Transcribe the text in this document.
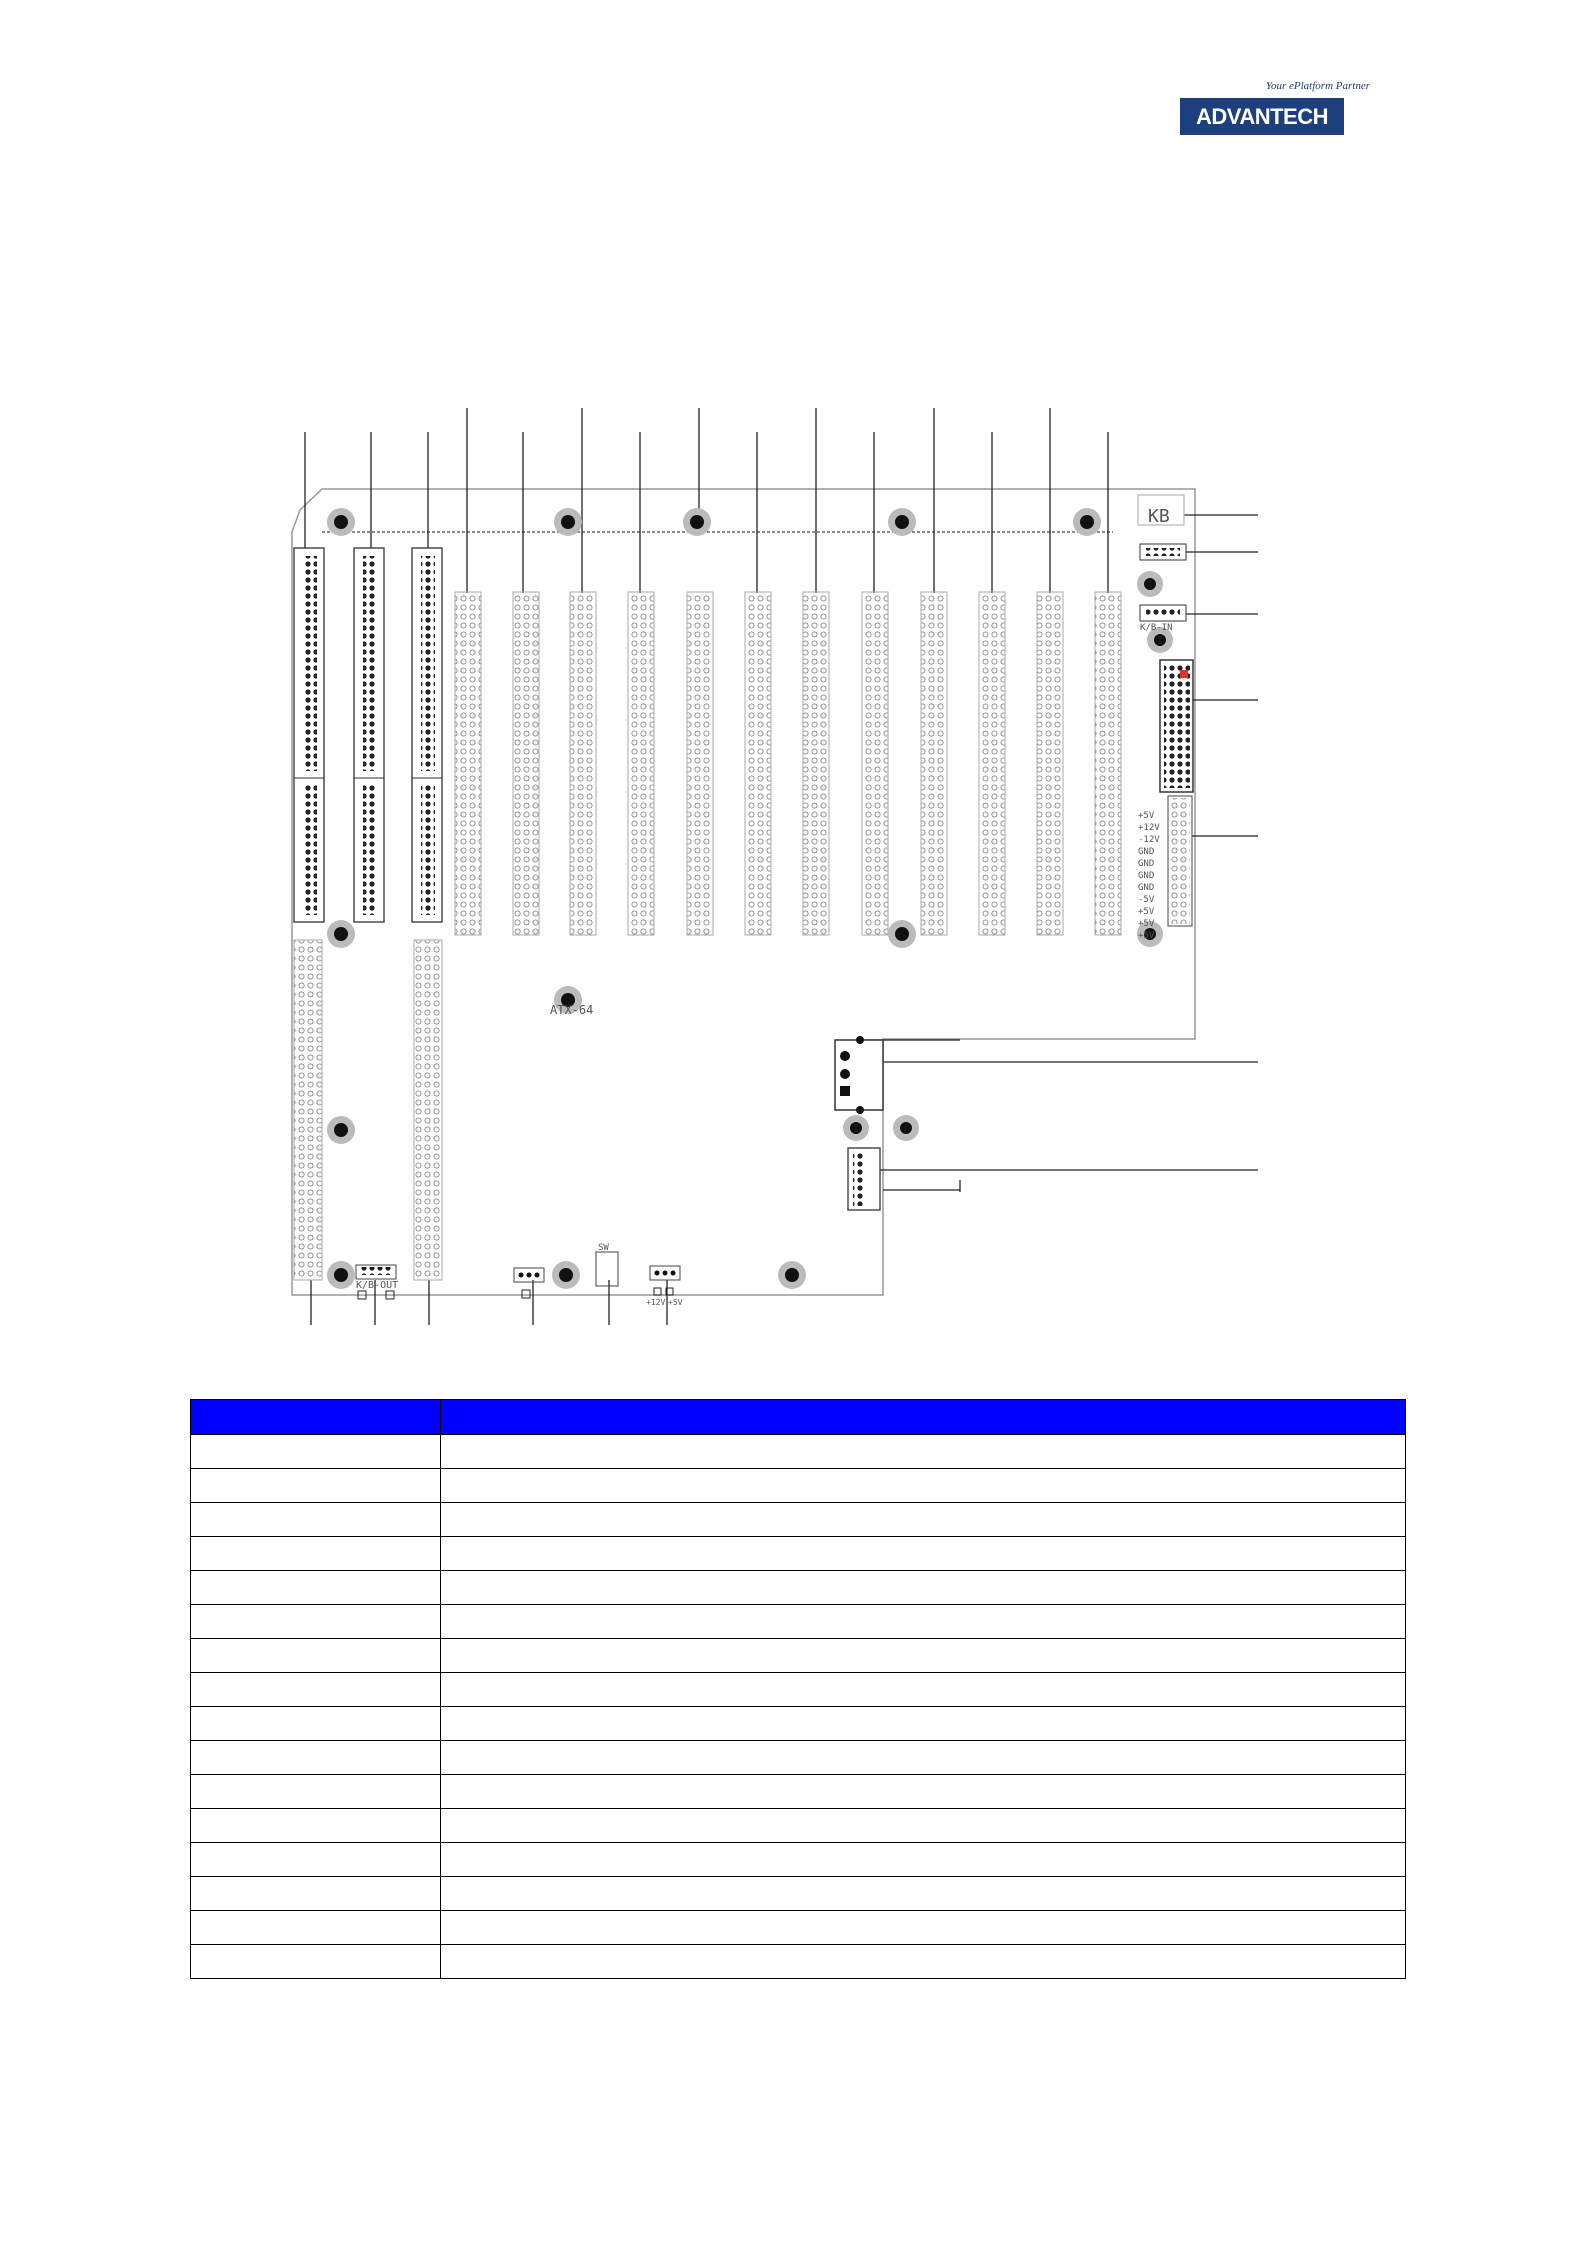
Your ePlatform Partner
ADVANTECH
KB
K/B-IN
+5V
+12V
-12V
GND
GND
GND
GND
-5V
+5V
+5V
+5V
ATX-64
K/B-OUT
SW
+12V +5V
